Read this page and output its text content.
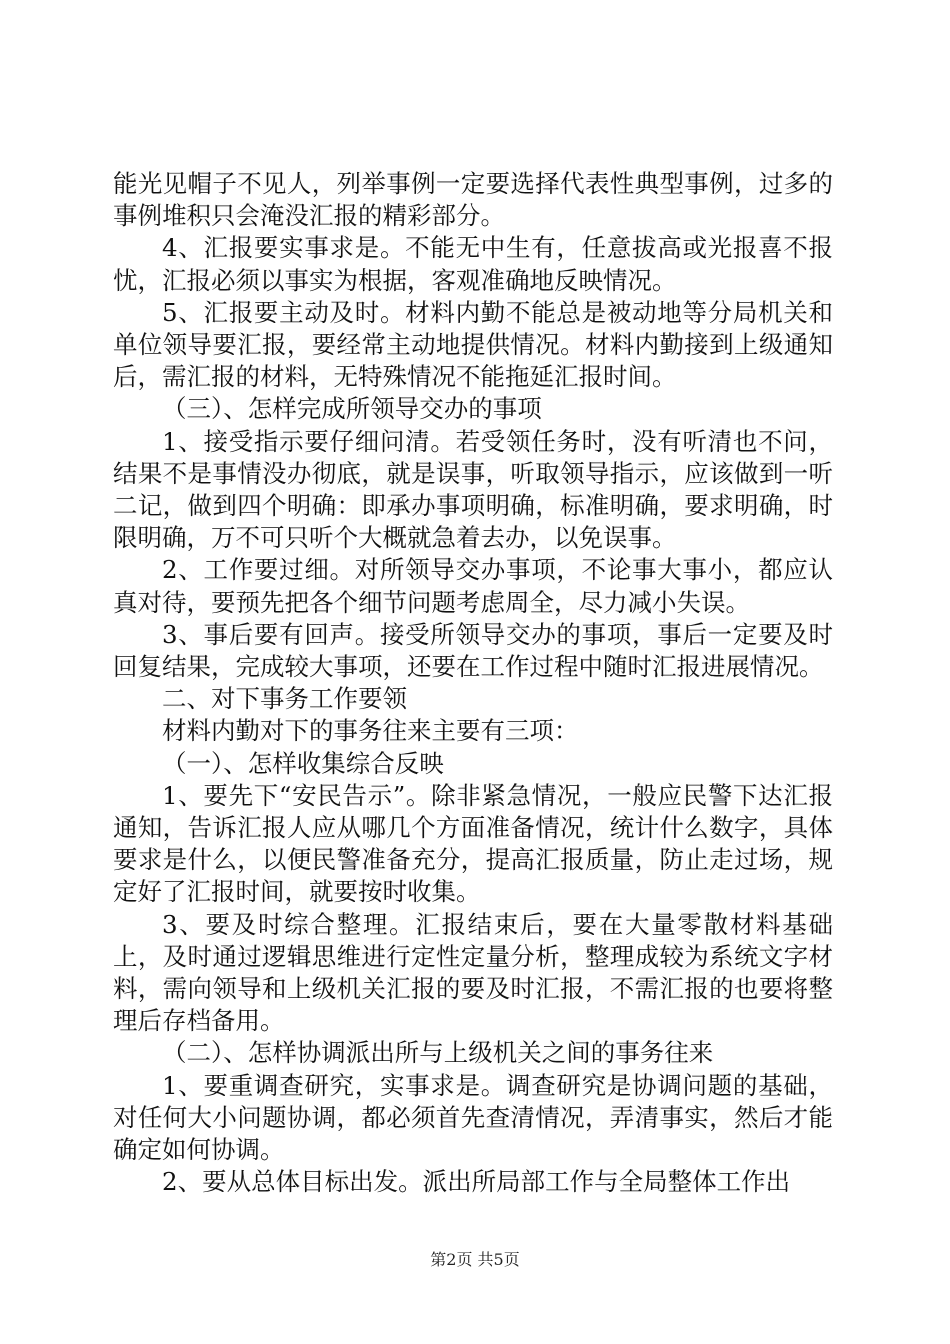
能光见帽子不见人，列举事例一定要选择代表性典型事例，过多的事例堆积只会淹没汇报的精彩部分。

4、汇报要实事求是。不能无中生有，任意拔高或光报喜不报忧，汇报必须以事实为根据，客观准确地反映情况。

5、汇报要主动及时。材料内勤不能总是被动地等分局机关和单位领导要汇报，要经常主动地提供情况。材料内勤接到上级通知后，需汇报的材料，无特殊情况不能拖延汇报时间。

（三）、怎样完成所领导交办的事项

1、接受指示要仔细问清。若受领任务时，没有听清也不问，结果不是事情没办彻底，就是误事，听取领导指示，应该做到一听二记，做到四个明确：即承办事项明确，标准明确，要求明确，时限明确，万不可只听个大概就急着去办，以免误事。

2、工作要过细。对所领导交办事项，不论事大事小，都应认真对待，要预先把各个细节问题考虑周全，尽力减小失误。

3、事后要有回声。接受所领导交办的事项，事后一定要及时回复结果，完成较大事项，还要在工作过程中随时汇报进展情况。

二、对下事务工作要领

材料内勤对下的事务往来主要有三项：

（一）、怎样收集综合反映

1、要先下“安民告示”。除非紧急情况，一般应民警下达汇报通知，告诉汇报人应从哪几个方面准备情况，统计什么数字，具体要求是什么，以便民警准备充分，提高汇报质量，防止走过场，规定好了汇报时间，就要按时收集。

3、要及时综合整理。汇报结束后，要在大量零散材料基础上，及时通过逻辑思维进行定性定量分析，整理成较为系统文字材料，需向领导和上级机关汇报的要及时汇报，不需汇报的也要将整理后存档备用。

（二）、怎样协调派出所与上级机关之间的事务往来

1、要重调查研究，实事求是。调查研究是协调问题的基础，对任何大小问题协调，都必须首先查清情况，弄清事实，然后才能确定如何协调。

2、要从总体目标出发。派出所局部工作与全局整体工作出

第2页 共5页
